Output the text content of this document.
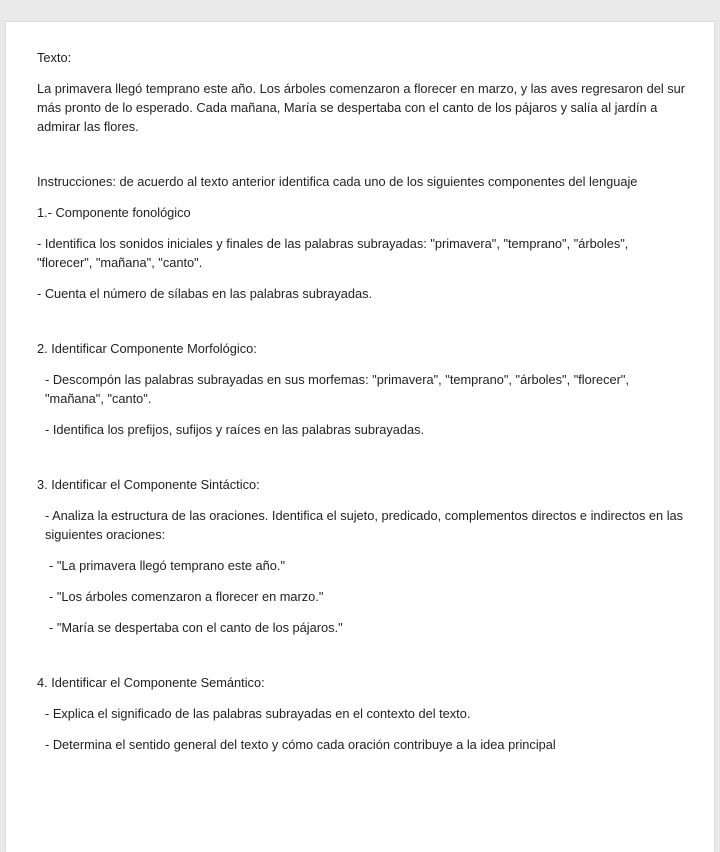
Texto:

La primavera llegó temprano este año. Los árboles comenzaron a florecer en marzo, y las aves regresaron del sur más pronto de lo esperado. Cada mañana, María se despertaba con el canto de los pájaros y salía al jardín a admirar las flores.

Instrucciones: de acuerdo al texto anterior identifica cada uno de los siguientes componentes del lenguaje

1.- Componente fonológico

- Identifica los sonidos iniciales y finales de las palabras subrayadas: "primavera", "temprano", "árboles", "florecer", "mañana", "canto".

- Cuenta el número de sílabas en las palabras subrayadas.

2. Identificar Componente Morfológico:

- Descompón las palabras subrayadas en sus morfemas: "primavera", "temprano", "árboles", "florecer", "mañana", "canto".

- Identifica los prefijos, sufijos y raíces en las palabras subrayadas.

3. Identificar el Componente Sintáctico:

- Analiza la estructura de las oraciones. Identifica el sujeto, predicado, complementos directos e indirectos en las siguientes oraciones:

- "La primavera llegó temprano este año."

- "Los árboles comenzaron a florecer en marzo."

- "María se despertaba con el canto de los pájaros."

4. Identificar el Componente Semántico:

- Explica el significado de las palabras subrayadas en el contexto del texto.

- Determina el sentido general del texto y cómo cada oración contribuye a la idea principal
